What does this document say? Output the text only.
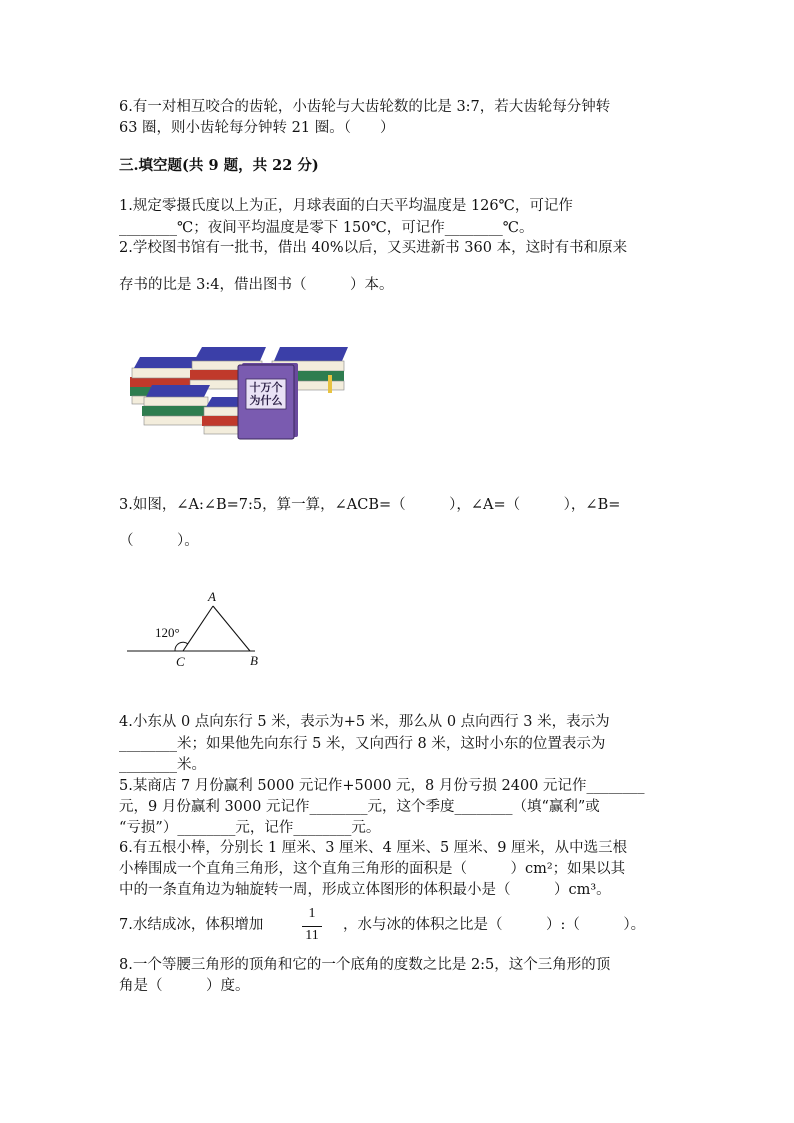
6.有一对相互咬合的齿轮，小齿轮与大齿轮数的比是 3:7，若大齿轮每分钟转
63 圈，则小齿轮每分钟转 21 圈。（　　）
三.填空题(共 9 题，共 22 分)
1.规定零摄氏度以上为正，月球表面的白天平均温度是 126℃，可记作
________℃；夜间平均温度是零下 150℃，可记作________℃。
2.学校图书馆有一批书，借出 40%以后，又买进新书 360 本，这时有书和原来
存书的比是 3:4，借出图书（　　　）本。
十万个
为什么
3.如图，∠A:∠B=7:5，算一算，∠ACB=（　　　），∠A=（　　　），∠B=
（　　　）。
120°
A
B
C
4.小东从 0 点向东行 5 米，表示为+5 米，那么从 0 点向西行 3 米，表示为
________米；如果他先向东行 5 米，又向西行 8 米，这时小东的位置表示为
________米。
5.某商店 7 月份赢利 5000 元记作+5000 元，8 月份亏损 2400 元记作________
元，9 月份赢利 3000 元记作________元，这个季度________（填“赢利”或
“亏损”）________元，记作________元。
6.有五根小棒，分别长 1 厘米、3 厘米、4 厘米、5 厘米、9 厘米，从中选三根
小棒围成一个直角三角形，这个直角三角形的面积是（　　　）cm²；如果以其
中的一条直角边为轴旋转一周，形成立体图形的体积最小是（　　　）cm³。
7.水结成冰，体积增加
1
11
，水与冰的体积之比是（　　　）:（　　　）。
8.一个等腰三角形的顶角和它的一个底角的度数之比是 2:5，这个三角形的顶
角是（　　　）度。
